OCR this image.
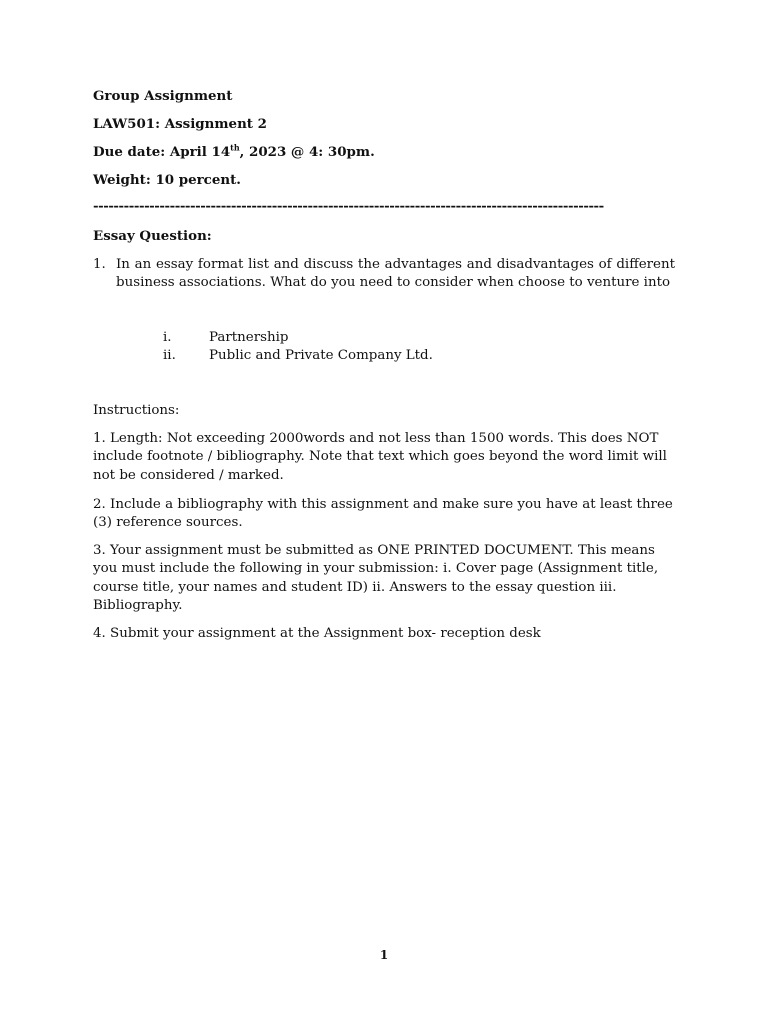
Group Assignment
LAW501: Assignment 2
Due date: April 14th, 2023 @ 4: 30pm.
Weight: 10 percent.
----------------------------------------------------------------------------------------------------
Essay Question:
1. In an essay format list and discuss the advantages and disadvantages of different business associations. What do you need to consider when choose to venture into
i.	Partnership
ii. Public and Private Company Ltd.
Instructions:
1. Length: Not exceeding 2000words and not less than 1500 words. This does NOT include footnote / bibliography. Note that text which goes beyond the word limit will not be considered / marked.
2. Include a bibliography with this assignment and make sure you have at least three (3) reference sources.
3. Your assignment must be submitted as ONE PRINTED DOCUMENT. This means you must include the following in your submission: i. Cover page (Assignment title, course title, your names and student ID) ii. Answers to the essay question iii. Bibliography.
4. Submit your assignment at the Assignment box- reception desk
1
